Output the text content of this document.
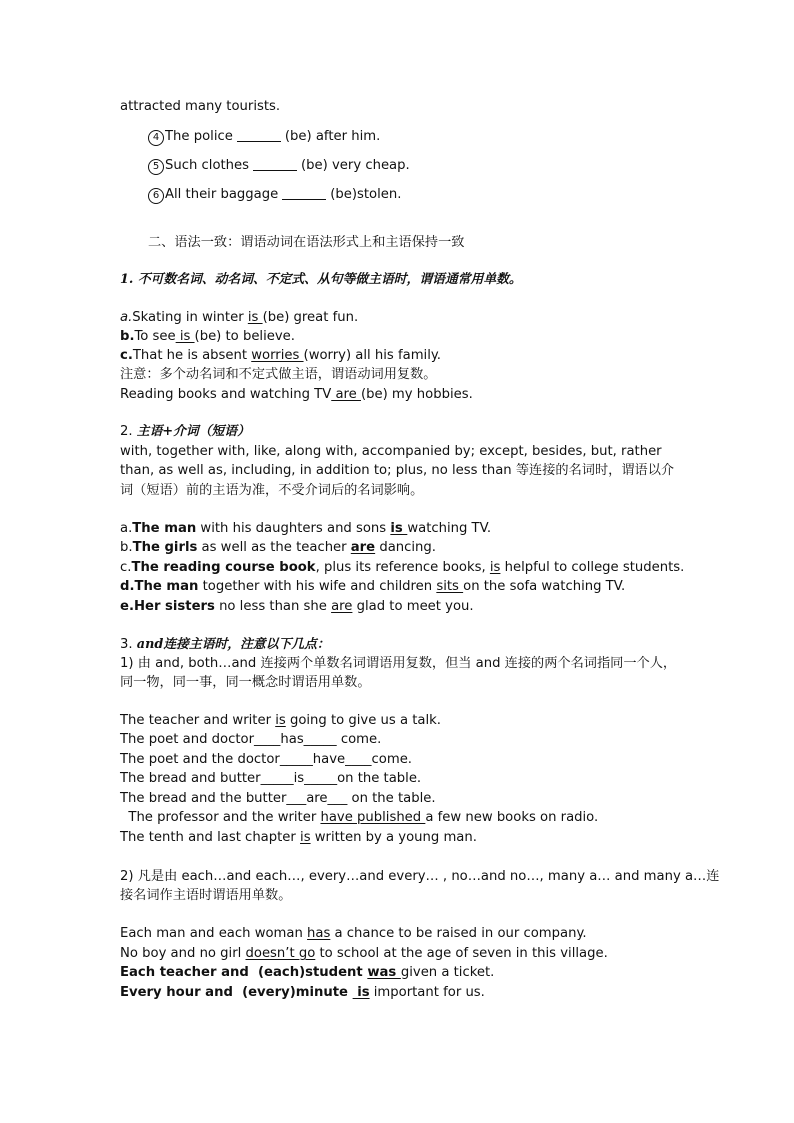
attracted many tourists.
4 The police	(be) after him.
5 Such clothes	(be) very cheap.
6 All their baggage	(be)stolen.
二、语法一致：谓语动词在语法形式上和主语保持一致
1. 不可数名词、动名词、不定式、从句等做主语时，谓语通常用单数。
a.Skating in winter is (be) great fun.
b.To see is (be) to believe.
c.That he is absent worries (worry) all his family.
注意：多个动名词和不定式做主语，谓语动词用复数。
Reading books and watching TV are (be) my hobbies.
2. 主语+介词（短语）
with, together with, like, along with, accompanied by; except, besides, but, rather
than, as well as, including, in addition to; plus, no less than 等连接的名词时，谓语以介
词（短语）前的主语为准，不受介词后的名词影响。
a.The man with his daughters and sons is watching TV.
b.The girls as well as the teacher are dancing.
c.The reading course book, plus its reference books, is helpful to college students.
d.The man together with his wife and children sits on the sofa watching TV.
e.Her sisters no less than she are glad to meet you.
3. and连接主语时，注意以下几点：
1) 由 and, both…and 连接两个单数名词谓语用复数，但当 and 连接的两个名词指同一个人，
同一物，同一事，同一概念时谓语用单数。
The teacher and writer is going to give us a talk.
The poet and doctor____has_____ come.
The poet and the doctor_____have____come.
The bread and butter_____is_____on the table.
The bread and the butter___are___ on the table.
The professor and the writer have published a few new books on radio.
The tenth and last chapter is written by a young man.
2) 凡是由 each…and each…, every…and every… , no…and no…, many a… and many a…连
接名词作主语时谓语用单数。
Each man and each woman has a chance to be raised in our company.
No boy and no girl doesn’t go to school at the age of seven in this village.
Each teacher and  (each)student was given a ticket.
Every hour and  (every)minute  is important for us.
